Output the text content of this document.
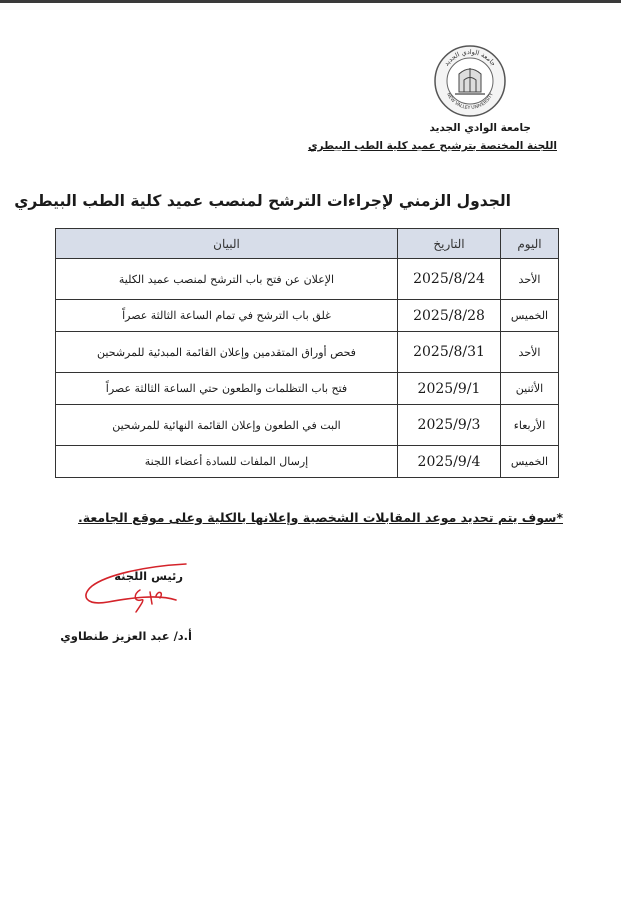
جامعة الوادي الجديد
NEW VALLEY UNIVERSITY
جامعة الوادي الجديد
اللجنة المختصة بترشيح عميد كلية الطب البيطري
الجدول الزمني لإجراءات الترشح لمنصب عميد كلية الطب البيطري
اليوم	التاريخ	البيان
الأحد	2025/8/24	الإعلان عن فتح باب الترشح لمنصب عميد الكلية
الخميس	2025/8/28	غلق باب الترشح في تمام الساعة الثالثة عصراً
الأحد	2025/8/31	فحص أوراق المتقدمين وإعلان القائمة المبدئية للمرشحين
الأثنين	2025/9/1	فتح باب التظلمات والطعون حتي الساعة الثالثة عصراً
الأربعاء	2025/9/3	البت في الطعون وإعلان القائمة النهائية للمرشحين
الخميس	2025/9/4	إرسال الملفات للسادة أعضاء اللجنة
*سوف يتم تحديد موعد المقابلات الشخصية وإعلانها بالكلية وعلى موقع الجامعة.
رئيس اللجنة
أ.د/ عبد العزيز طنطاوي
